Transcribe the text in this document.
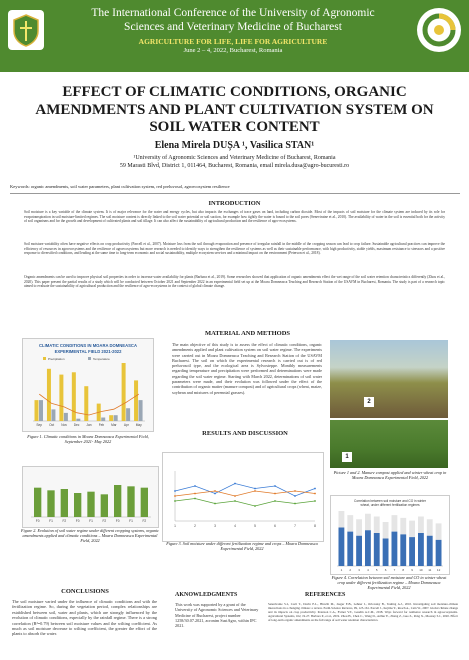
The International Conference of the University of Agronomic
Sciences and Veterinary Medicine of Bucharest
AGRICULTURE FOR LIFE, LIFE FOR AGRICULTURE
June 2 – 4, 2022, Bucharest, Romania
EFFECT OF CLIMATIC CONDITIONS, ORGANIC AMENDMENTS AND PLANT CULTIVATION SYSTEM ON SOIL WATER CONTENT
Elena Mirela DUȘA ¹, Vasilica STAN¹
¹University of Agronomic Sciences and Veterinary Medicine of Bucharest, Romania
59 Marasti Blvd, District 1, 011464, Bucharest, Romania, email mirela.dusa@agro-bucuresti.ro
Keywords: organic amendments, soil water parameters, plant cultivation system, red preluvosol, agroecosystem resilience
INTRODUCTION
Soil moisture is a key variable of the climate system. It is of major relevance for the water and energy cycles, but also impacts the exchanges of trace gases on land, including carbon dioxide. Most of the impacts of soil moisture for the climate system are induced by its role for evapotranspiration in soil moisture-limited regimes. The soil moisture content is directly linked to the soil water potential or soil suction, for example how tightly the water is bound to the soil pores (Seneviratne et al., 2010). The availability of water in the soil is essential both for the activity of soil organisms and for the growth and development of cultivated plants and soil tillage. It can also affect the sustainability of agricultural production and the resilience of agro-ecosystems.
Soil moisture variability often have negative effects on crop productivity (Parcell et al., 2007). Moisture loss from the soil through evaporation and presence of irregular rainfall in the middle of the cropping season can lead to crop failure. Sustainable agricultural practices can improve the efficiency of resources in agroecosystems and the resilience of agroecosystems but more research is needed to identify ways to strengthen the resilience of systems as well as their sustainable performance, with high productivity, stable yields, maximum resistance to stressors and a positive response to diversified conditions, and leading at the same time to long-term economic and social sustainability, multiple ecosystem services and a minimal impact on the environment (Peterson et al., 2018).
Organic amendments can be used to improve physical soil properties in order to increase water availability for plants (Barbara et al., 2019). Some researches showed that application of organic amendments effect the wet range of the soil water retention characteristics differently (Zhou et al., 2020). This paper present the partial results of a study which will be conducted between October 2021 and September 2022 in an experimental field set up at the Moara Domneasca Teaching and Research Station of the USAVM in Bucharest, Romania. The study is part of a research topic aimed to evaluate the sustainability of agricultural production and the resilience of agro-ecosystems in the context of global climate change.
CLIMATIC CONDITIONS IN MOARA DOMNEASCA
EXPERIMENTAL FIELD 2021-2022
Sep Oct Nov Dec Jan Feb Mar Apr May
Precipitation	Temperature
Figure 1. Climatic conditions in Moara Domneasca Experimental Field, September 2021- May 2022
MATERIAL AND METHODS
The main objective of this study is to assess the effect of climatic conditions, organic amendments applied and plant cultivation system on soil water regime. The experiments were carried out in Moara Domneasca Teaching and Research Station of the USAVM Bucharest. The soil on which the experimental research is carried out is of red preluvosoil type, and the ecological area is Sylvosteppe. Monthly measurements regarding temperature and precipitation were performed and determinations were made regarding the soil water regime. Starting with March 2022, determinations of soil water parameters were made, and their evolution was followed under the effect of the contribution of organic matter (manure compost) and of agricultural crops (wheat, maize, soybean and mixtures of perennial grasses).
2
1
Picture 1 and 2. Manure compost applied and winter wheat crop in Moara Domneasca Experimental Field, 2022
RESULTS AND DISCUSSION
F0	F1	F2	F0	F1	F2	F0	F1	F2
Figure 2. Evolution of soil water regime under different cropping systems, organic amendments applied and climatic conditions – Moara Domneasca Experimental Field, 2022
1	2	3	4	5	6	7	8
Figure 3. Soil moisture under different fertilization regime and crops – Moara Domneasca Experimental Field, 2022
Correlation between soil moisture and CO in winter
wheat, under different fertilization regimes
1 2 3 4 5 6 7 8 9 10 11 12
Figure 4. Correlation between soil moisture and CO in winter wheat crop under different fertilization regime – Moara Domneasca Experimental Field, 2022
CONCLUSIONS
The soil moisture varied under the influence of climatic conditions and with the fertilization regime. So, during the vegetation period, complex relationships are established between soil, water and plants, which are strongly influenced by the evolution of climatic conditions, especially by the rainfall regime. There is a strong correlation (R²=0.79) between soil moisture values and the wilting coefficient. As much as soil moisture decrease to wilting coefficient, the greater the effort of the plants to absorb the water.
AKNOWLEDGMENTS
This work was supported by a grant of the University of Agronomic Sciences and Veterinary Medicine of Bucharest, project number 1258/30.07.2021, acronim SustAgro, within IPC 2021.
REFERENCES
Seneviratne S.I., Corti T., Davin E.L., Hirschi M., Jaeger E.B., Lehner I., Orlowsky B., Teuling A.J., 2010. Investigating soil moisture-climate interactions in a changing climate: a review. Earth-Science Reviews, 99, 125-161. Parcell J., Kojima Y., Roach A., Cain W., 2007. Global climate change and its impacts on crop productivity. Peterson C.A., Eviner V.T., Gaudin A.C.M., 2018. Ways forward for resilience research in agroecosystems. Agricultural Systems, 162, 19-27. Barbara P., et al., 2019. Zhou H., Chen C., Wang D., Arthur E., Zhang Z., Guo Z., Peng X., Mooney S.J., 2020. Effect of long-term organic amendments on the full range of soil water retention characteristics.
